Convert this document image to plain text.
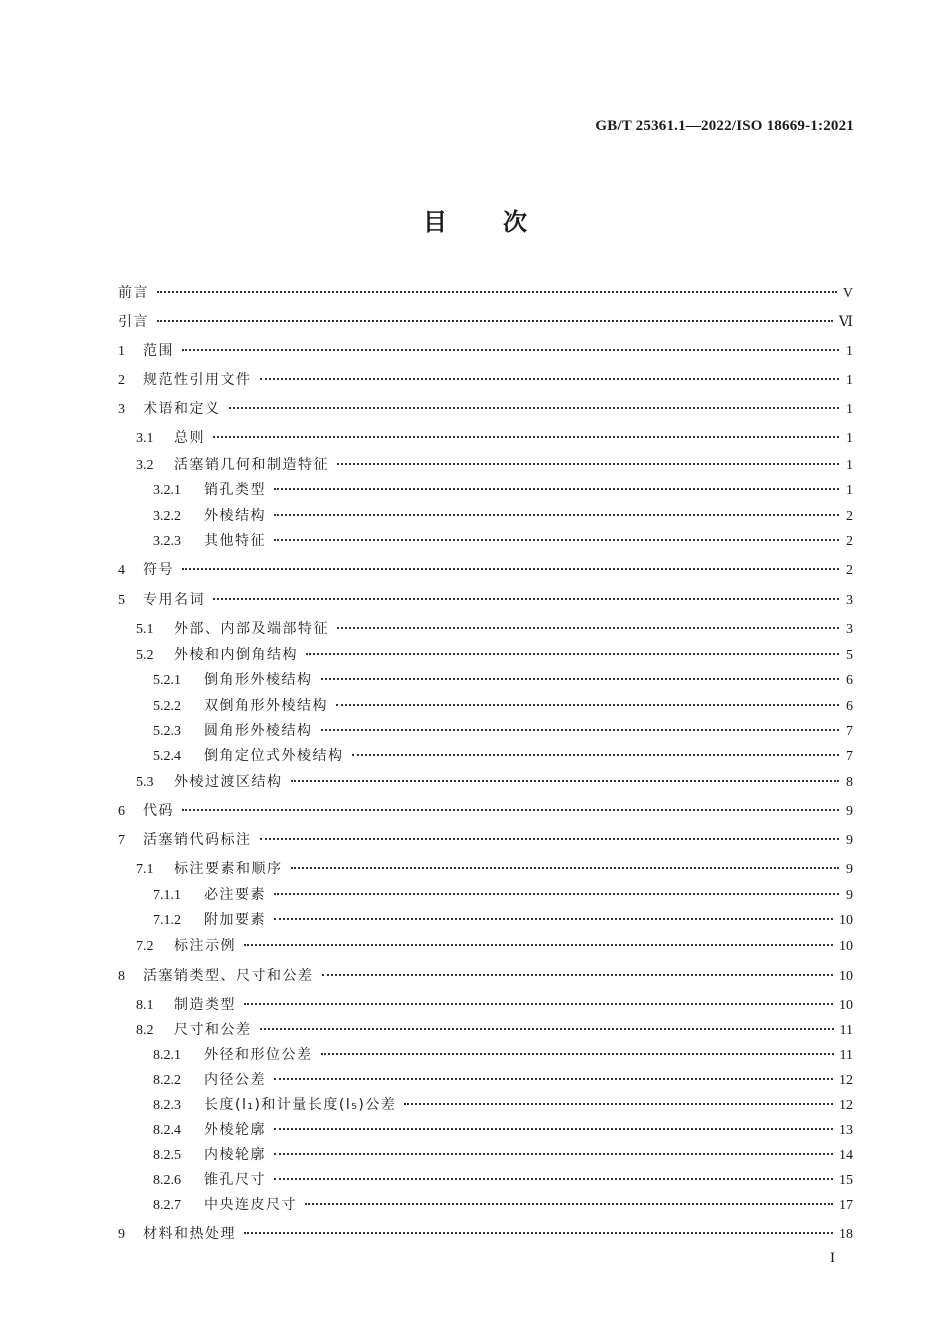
GB/T 25361.1—2022/ISO 18669-1:2021
目次
前言	V
引言	Ⅵ
1	范围	1
2	规范性引用文件	1
3	术语和定义	1
3.1	总则	1
3.2	活塞销几何和制造特征	1
3.2.1	销孔类型	1
3.2.2	外棱结构	2
3.2.3	其他特征	2
4	符号	2
5	专用名词	3
5.1	外部、内部及端部特征	3
5.2	外棱和内倒角结构	5
5.2.1	倒角形外棱结构	6
5.2.2	双倒角形外棱结构	6
5.2.3	圆角形外棱结构	7
5.2.4	倒角定位式外棱结构	7
5.3	外棱过渡区结构	8
6	代码	9
7	活塞销代码标注	9
7.1	标注要素和顺序	9
7.1.1	必注要素	9
7.1.2	附加要素	10
7.2	标注示例	10
8	活塞销类型、尺寸和公差	10
8.1	制造类型	10
8.2	尺寸和公差	11
8.2.1	外径和形位公差	11
8.2.2	内径公差	12
8.2.3	长度(l₁)和计量长度(l₅)公差	12
8.2.4	外棱轮廓	13
8.2.5	内棱轮廓	14
8.2.6	锥孔尺寸	15
8.2.7	中央连皮尺寸	17
9	材料和热处理	18
I
